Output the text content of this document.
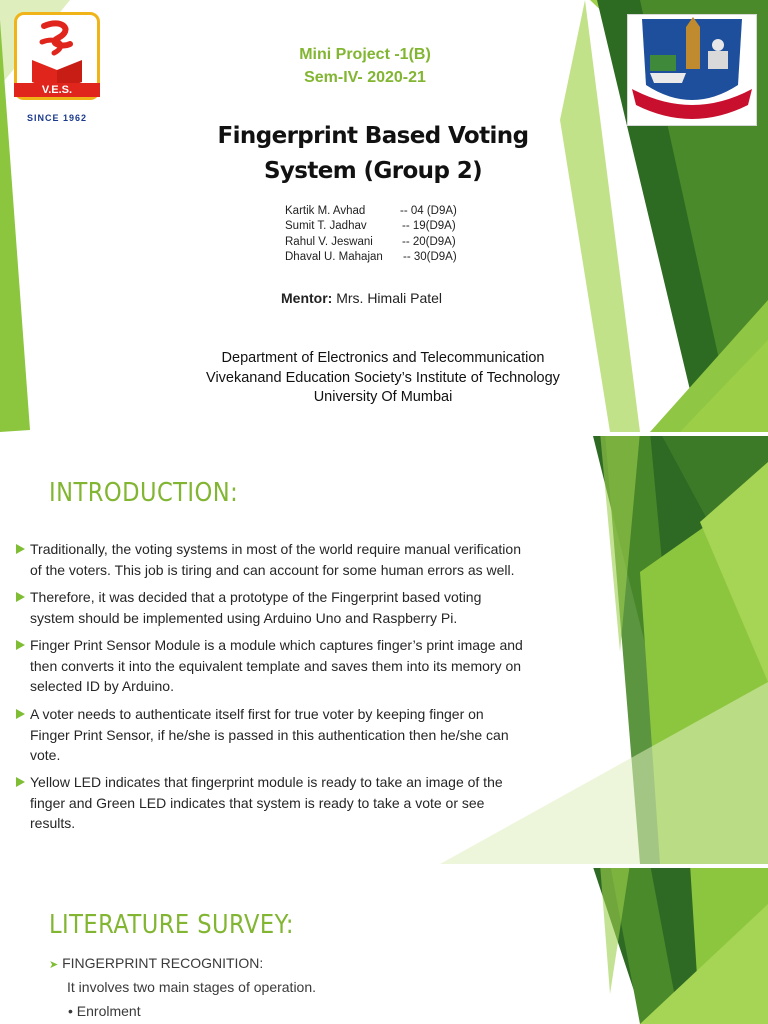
V.E.S.
SINCE 1962
Mini Project -1(B)
Sem-IV- 2020-21
Fingerprint Based Voting
System (Group 2)
Kartik M. Avhad	-- 04 (D9A)
Sumit T. Jadhav	-- 19(D9A)
Rahul V. Jeswani	-- 20(D9A)
Dhaval U. Mahajan -- 30(D9A)
Mentor: Mrs. Himali Patel
Department of Electronics and Telecommunication
Vivekanand Education Society’s Institute of Technology
University Of Mumbai
INTRODUCTION:
Traditionally, the voting systems in most of the world require manual verification
of the voters. This job is tiring and can account for some human errors as well.
Therefore, it was decided that a prototype of the Fingerprint based voting
system should be implemented using Arduino Uno and Raspberry Pi.
Finger Print Sensor Module is a module which captures finger’s print image and
then converts it into the equivalent template and saves them into its memory on
selected ID by Arduino.
A voter needs to authenticate itself first for true voter by keeping finger on
Finger Print Sensor, if he/she is passed in this authentication then he/she can
vote.
Yellow LED indicates that fingerprint module is ready to take an image of the
finger and Green LED indicates that system is ready to take a vote or see
results.
LITERATURE SURVEY:
➤ FINGERPRINT RECOGNITION:
It involves two main stages of operation.
• Enrolment
